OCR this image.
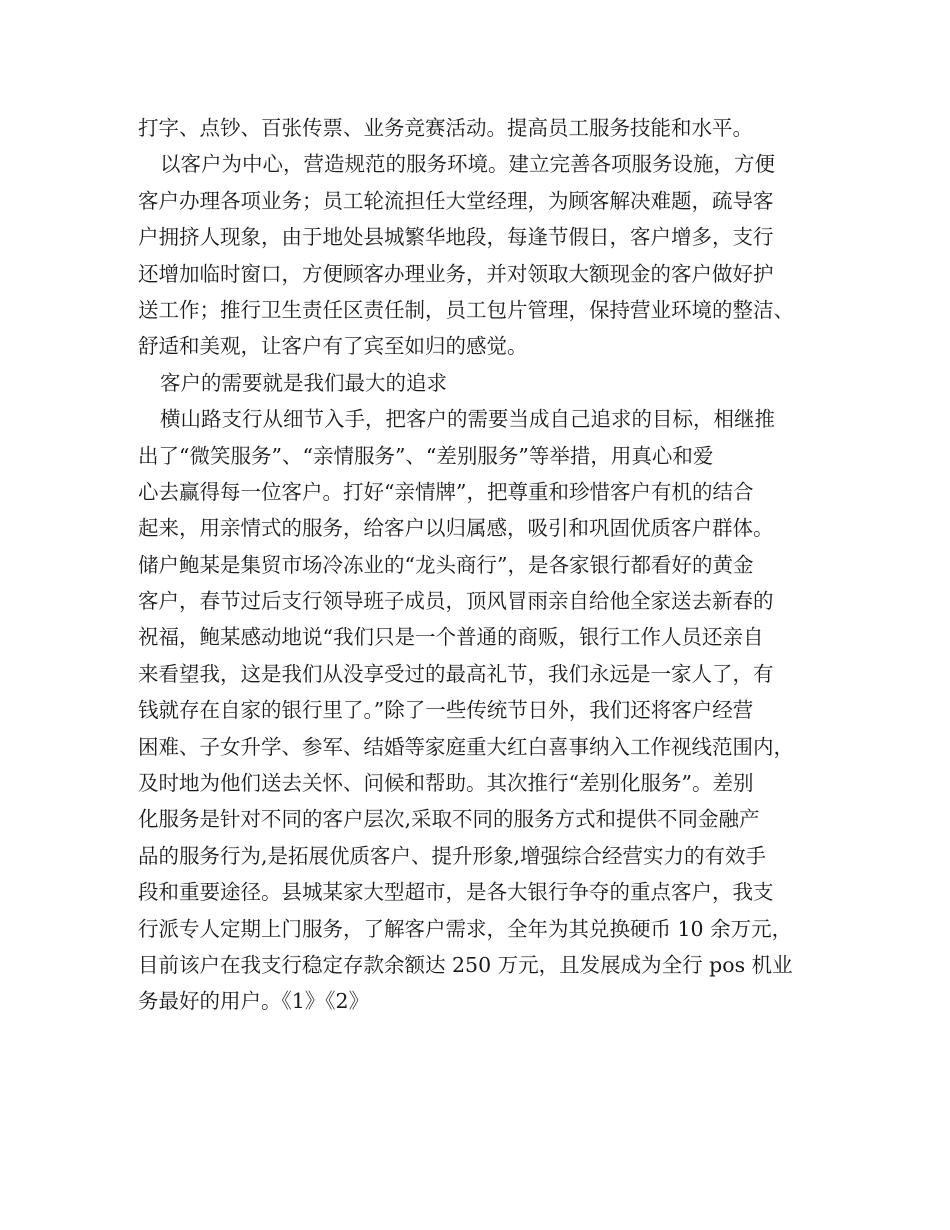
打字、点钞、百张传票、业务竞赛活动。提高员工服务技能和水平。
以客户为中心，营造规范的服务环境。建立完善各项服务设施，方便
客户办理各项业务；员工轮流担任大堂经理，为顾客解决难题，疏导客
户拥挤人现象，由于地处县城繁华地段，每逢节假日，客户增多，支行
还增加临时窗口，方便顾客办理业务，并对领取大额现金的客户做好护
送工作；推行卫生责任区责任制，员工包片管理，保持营业环境的整洁、
舒适和美观，让客户有了宾至如归的感觉。
客户的需要就是我们最大的追求
横山路支行从细节入手，把客户的需要当成自己追求的目标，相继推
出了“微笑服务”、“亲情服务”、“差别服务”等举措，用真心和爱
心去赢得每一位客户。打好“亲情牌”，把尊重和珍惜客户有机的结合
起来，用亲情式的服务，给客户以归属感，吸引和巩固优质客户群体。
储户鲍某是集贸市场冷冻业的“龙头商行”，是各家银行都看好的黄金
客户，春节过后支行领导班子成员，顶风冒雨亲自给他全家送去新春的
祝福，鲍某感动地说“我们只是一个普通的商贩，银行工作人员还亲自
来看望我，这是我们从没享受过的最高礼节，我们永远是一家人了，有
钱就存在自家的银行里了。”除了一些传统节日外，我们还将客户经营
困难、子女升学、参军、结婚等家庭重大红白喜事纳入工作视线范围内，
及时地为他们送去关怀、问候和帮助。其次推行“差别化服务”。差别
化服务是针对不同的客户层次,采取不同的服务方式和提供不同金融产
品的服务行为,是拓展优质客户、提升形象,增强综合经营实力的有效手
段和重要途径。县城某家大型超市，是各大银行争夺的重点客户，我支
行派专人定期上门服务，了解客户需求，全年为其兑换硬币 10 余万元，
目前该户在我支行稳定存款余额达 250 万元，且发展成为全行 pos 机业
务最好的用户。《1》《2》
